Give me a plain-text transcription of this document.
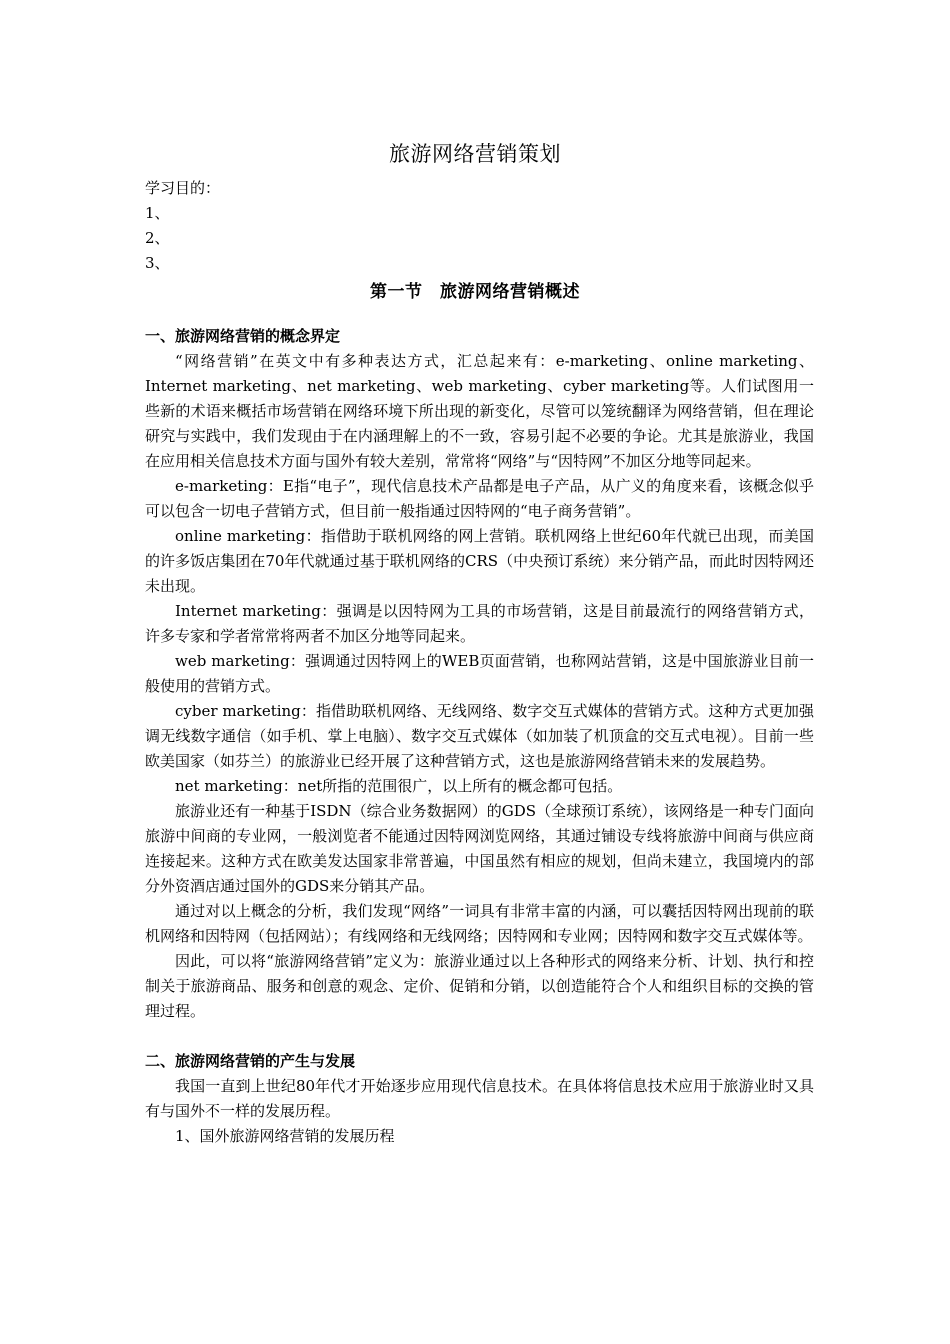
旅游网络营销策划
学习目的：
1、
2、
3、
第一节　旅游网络营销概述
一、旅游网络营销的概念界定

“网络营销”在英文中有多种表达方式，汇总起来有：e-marketing、online marketing、Internet marketing、net marketing、web marketing、cyber marketing等。人们试图用一些新的术语来概括市场营销在网络环境下所出现的新变化，尽管可以笼统翻译为网络营销，但在理论研究与实践中，我们发现由于在内涵理解上的不一致，容易引起不必要的争论。尤其是旅游业，我国在应用相关信息技术方面与国外有较大差别，常常将“网络”与“因特网”不加区分地等同起来。

e-marketing：E指“电子”，现代信息技术产品都是电子产品，从广义的角度来看，该概念似乎可以包含一切电子营销方式，但目前一般指通过因特网的“电子商务营销”。

online marketing：指借助于联机网络的网上营销。联机网络上世纪60年代就已出现，而美国的许多饭店集团在70年代就通过基于联机网络的CRS（中央预订系统）来分销产品，而此时因特网还未出现。

Internet marketing：强调是以因特网为工具的市场营销，这是目前最流行的网络营销方式，许多专家和学者常常将两者不加区分地等同起来。

web marketing：强调通过因特网上的WEB页面营销，也称网站营销，这是中国旅游业目前一般使用的营销方式。

cyber marketing：指借助联机网络、无线网络、数字交互式媒体的营销方式。这种方式更加强调无线数字通信（如手机、掌上电脑）、数字交互式媒体（如加装了机顶盒的交互式电视）。目前一些欧美国家（如芬兰）的旅游业已经开展了这种营销方式，这也是旅游网络营销未来的发展趋势。

net marketing：net所指的范围很广，以上所有的概念都可包括。

旅游业还有一种基于ISDN（综合业务数据网）的GDS（全球预订系统），该网络是一种专门面向旅游中间商的专业网，一般浏览者不能通过因特网浏览网络，其通过铺设专线将旅游中间商与供应商连接起来。这种方式在欧美发达国家非常普遍，中国虽然有相应的规划，但尚未建立，我国境内的部分外资酒店通过国外的GDS来分销其产品。

通过对以上概念的分析，我们发现“网络”一词具有非常丰富的内涵，可以囊括因特网出现前的联机网络和因特网（包括网站）；有线网络和无线网络；因特网和专业网；因特网和数字交互式媒体等。

因此，可以将“旅游网络营销”定义为：旅游业通过以上各种形式的网络来分析、计划、执行和控制关于旅游商品、服务和创意的观念、定价、促销和分销，以创造能符合个人和组织目标的交换的管理过程。

二、旅游网络营销的产生与发展

我国一直到上世纪80年代才开始逐步应用现代信息技术。在具体将信息技术应用于旅游业时又具有与国外不一样的发展历程。

1、国外旅游网络营销的发展历程
